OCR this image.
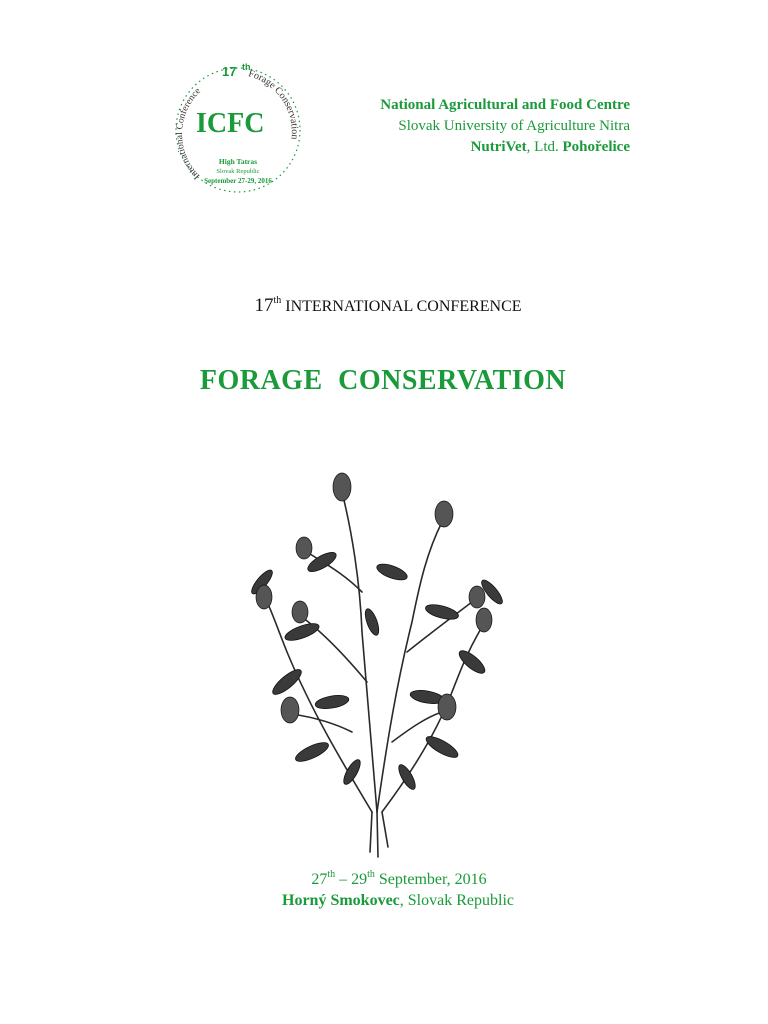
International Conference
Forage Conservation
17 th
ICFC
High Tatras
Slovak Republic
September 27-29, 2016
National Agricultural and Food Centre
Slovak University of Agriculture Nitra
NutriVet, Ltd. Pohořelice
17th INTERNATIONAL CONFERENCE
FORAGE CONSERVATION
27th – 29th September, 2016
Horný Smokovec, Slovak Republic
